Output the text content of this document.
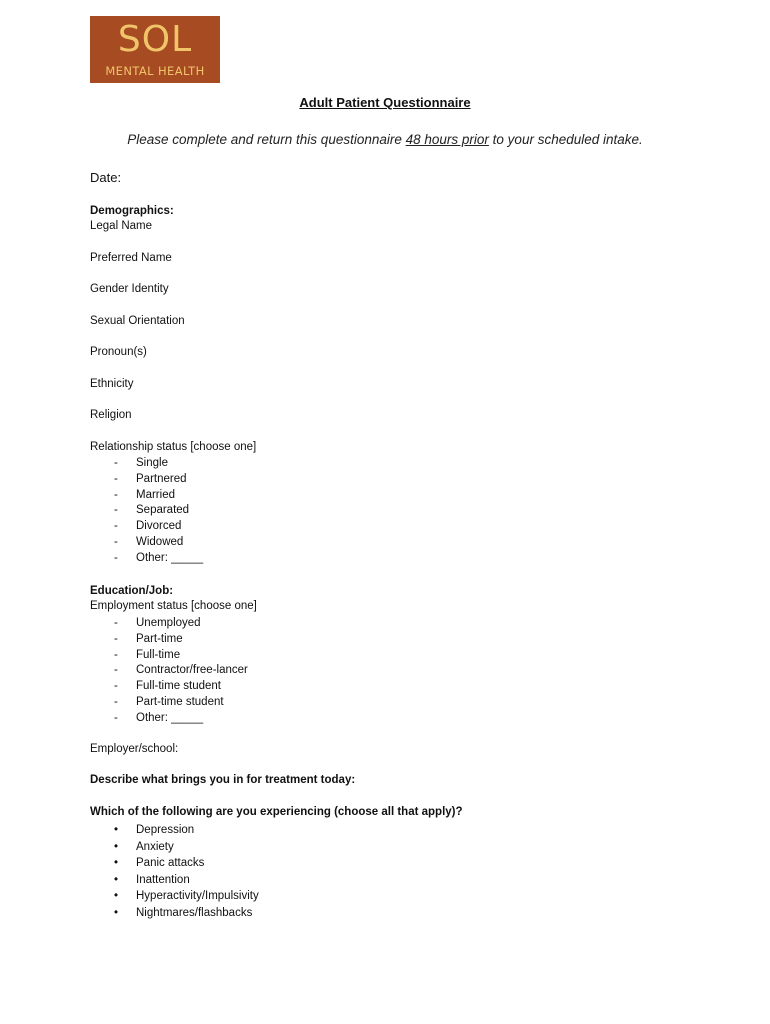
SOL
MENTAL HEALTH
Adult Patient Questionnaire
Please complete and return this questionnaire 48 hours prior to your scheduled intake.
Date:
Demographics:
Legal Name
Preferred Name
Gender Identity
Sexual Orientation
Pronoun(s)
Ethnicity
Religion
Relationship status [choose one]
-	Single
-	Partnered
-	Married
-	Separated
-	Divorced
-	Widowed
-	Other: _____
Education/Job:
Employment status [choose one]
-	Unemployed
-	Part-time
-	Full-time
-	Contractor/free-lancer
-	Full-time student
-	Part-time student
-	Other: _____
Employer/school:
Describe what brings you in for treatment today:
Which of the following are you experiencing (choose all that apply)?
•	Depression
•	Anxiety
•	Panic attacks
•	Inattention
•	Hyperactivity/Impulsivity
•	Nightmares/flashbacks
